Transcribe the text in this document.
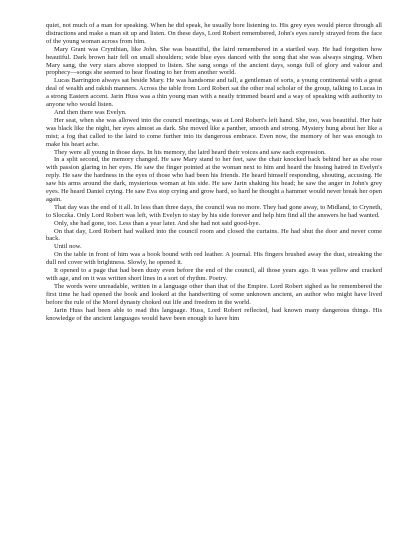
quiet, not much of a man for speaking. When he did speak, he usually bore listening to. His grey eyes would pierce through all distractions and make a man sit up and listen. On these days, Lord Robert remembered, John's eyes rarely strayed from the face of the young woman across from him.

Mary Grant was Crynthian, like John. She was beautiful, the laird remembered in a startled way. He had forgotten how beautiful. Dark brown hair fell on small shoulders; wide blue eyes danced with the song that she was always singing. When Mary sang, the very stars above stopped to listen. She sang songs of the ancient days, songs full of glory and valour and prophecy—songs she seemed to hear floating to her from another world.

Lucas Barrington always sat beside Mary. He was handsome and tall, a gentleman of sorts, a young continental with a great deal of wealth and rakish manners. Across the table from Lord Robert sat the other real scholar of the group, talking to Lucas in a strong Eastern accent. Jarin Huss was a thin young man with a neatly trimmed beard and a way of speaking with authority to anyone who would listen.

And then there was Evelyn.

Her seat, when she was allowed into the council meetings, was at Lord Robert's left hand. She, too, was beautiful. Her hair was black like the night, her eyes almost as dark. She moved like a panther, smooth and strong. Mystery hung about her like a mist; a fog that called to the laird to come further into its dangerous embrace. Even now, the memory of her was enough to make his heart ache.

They were all young in those days. In his memory, the laird heard their voices and saw each expression.

In a split second, the memory changed. He saw Mary stand to her feet, saw the chair knocked back behind her as she rose with passion glaring in her eyes. He saw the finger pointed at the woman next to him and heard the hissing hatred in Evelyn's reply. He saw the hardness in the eyes of those who had been his friends. He heard himself responding, shouting, accusing. He saw his arms around the dark, mysterious woman at his side. He saw Jarin shaking his head; he saw the anger in John's grey eyes. He heard Daniel crying. He saw Eva stop crying and grow hard, so hard he thought a hammer would never break her open again.

That day was the end of it all. In less than three days, the council was no more. They had gone away, to Midland, to Cryneth, to Sloczka. Only Lord Robert was left, with Evelyn to stay by his side forever and help him find all the answers he had wanted.

Only, she had gone, too. Less than a year later. And she had not said good-bye.

On that day, Lord Robert had walked into the council room and closed the curtains. He had shut the door and never come back.

Until now.

On the table in front of him was a book bound with red leather. A journal. His fingers brushed away the dust, streaking the dull red cover with brightness. Slowly, he opened it.

It opened to a page that had been dusty even before the end of the council, all those years ago. It was yellow and cracked with age, and on it was written short lines in a sort of rhythm. Poetry.

The words were unreadable, written in a language other than that of the Empire. Lord Robert sighed as he remembered the first time he had opened the book and looked at the handwriting of some unknown ancient, an author who might have lived before the rule of the Morel dynasty choked out life and freedom in the world.

Jarin Huss had been able to read this language. Huss, Lord Robert reflected, had known many dangerous things. His knowledge of the ancient languages would have been enough to have him
